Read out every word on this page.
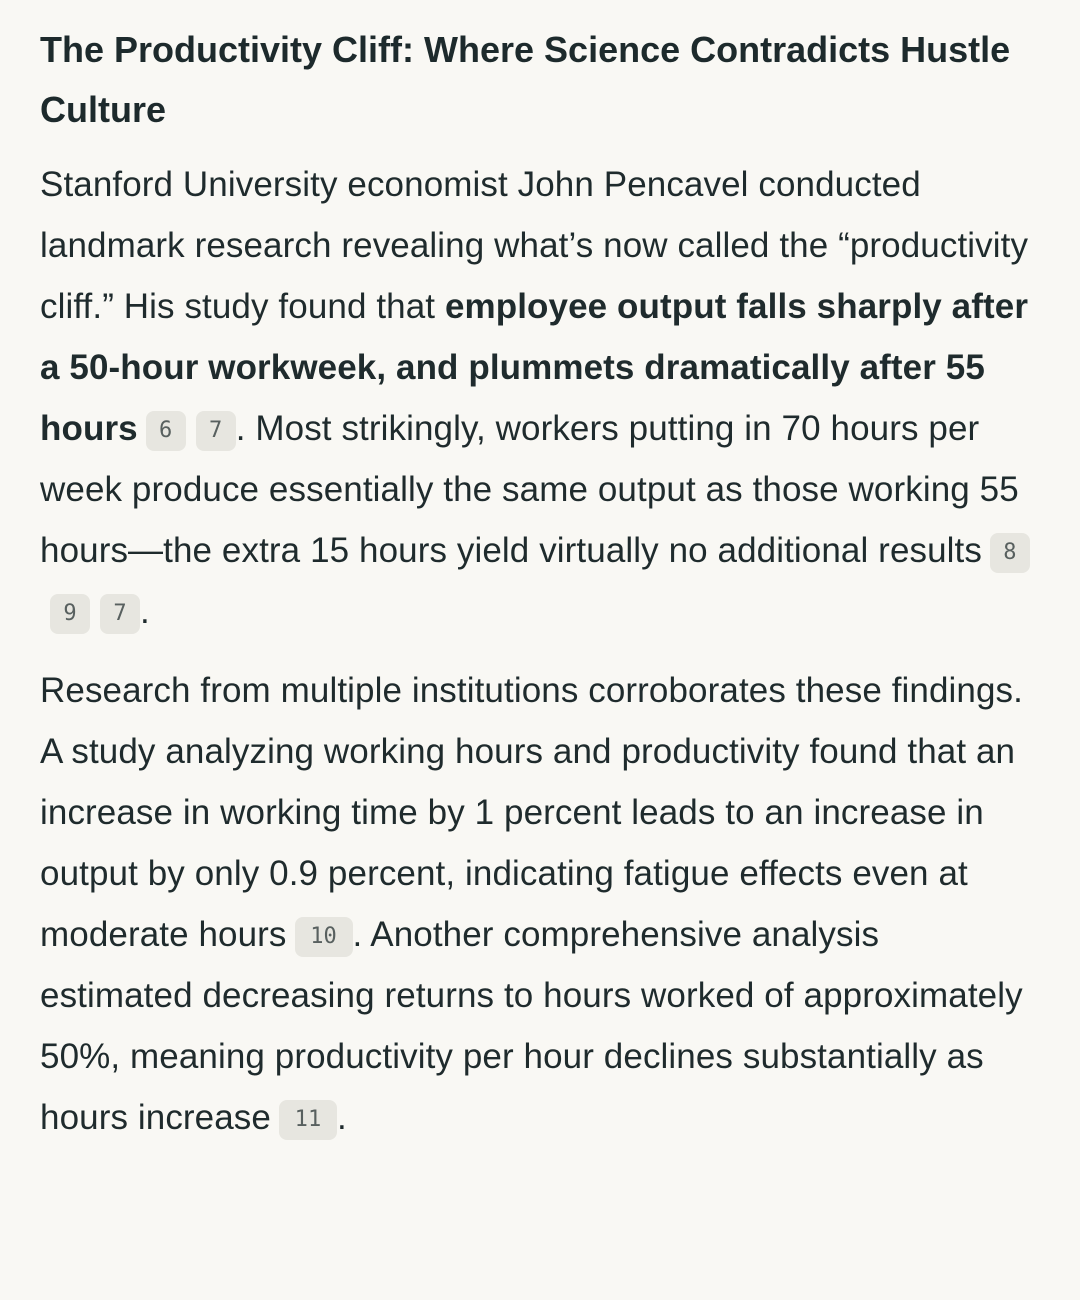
The Productivity Cliff: Where Science Contradicts Hustle Culture

Stanford University economist John Pencavel conducted landmark research revealing what’s now called the “productivity cliff.” His study found that employee output falls sharply after a 50-hour workweek, and plummets dramatically after 55 hours 6 7 . Most strikingly, workers putting in 70 hours per week produce essentially the same output as those working 55 hours—the extra 15 hours yield virtually no additional results 89 7 .

Research from multiple institutions corroborates these findings. A study analyzing working hours and productivity found that an increase in working time by 1 percent leads to an increase in output by only 0.9 percent, indicating fatigue effects even at moderate hours 10 . Another comprehensive analysis estimated decreasing returns to hours worked of approximately 50%, meaning productivity per hour declines substantially as hours increase 11 .
